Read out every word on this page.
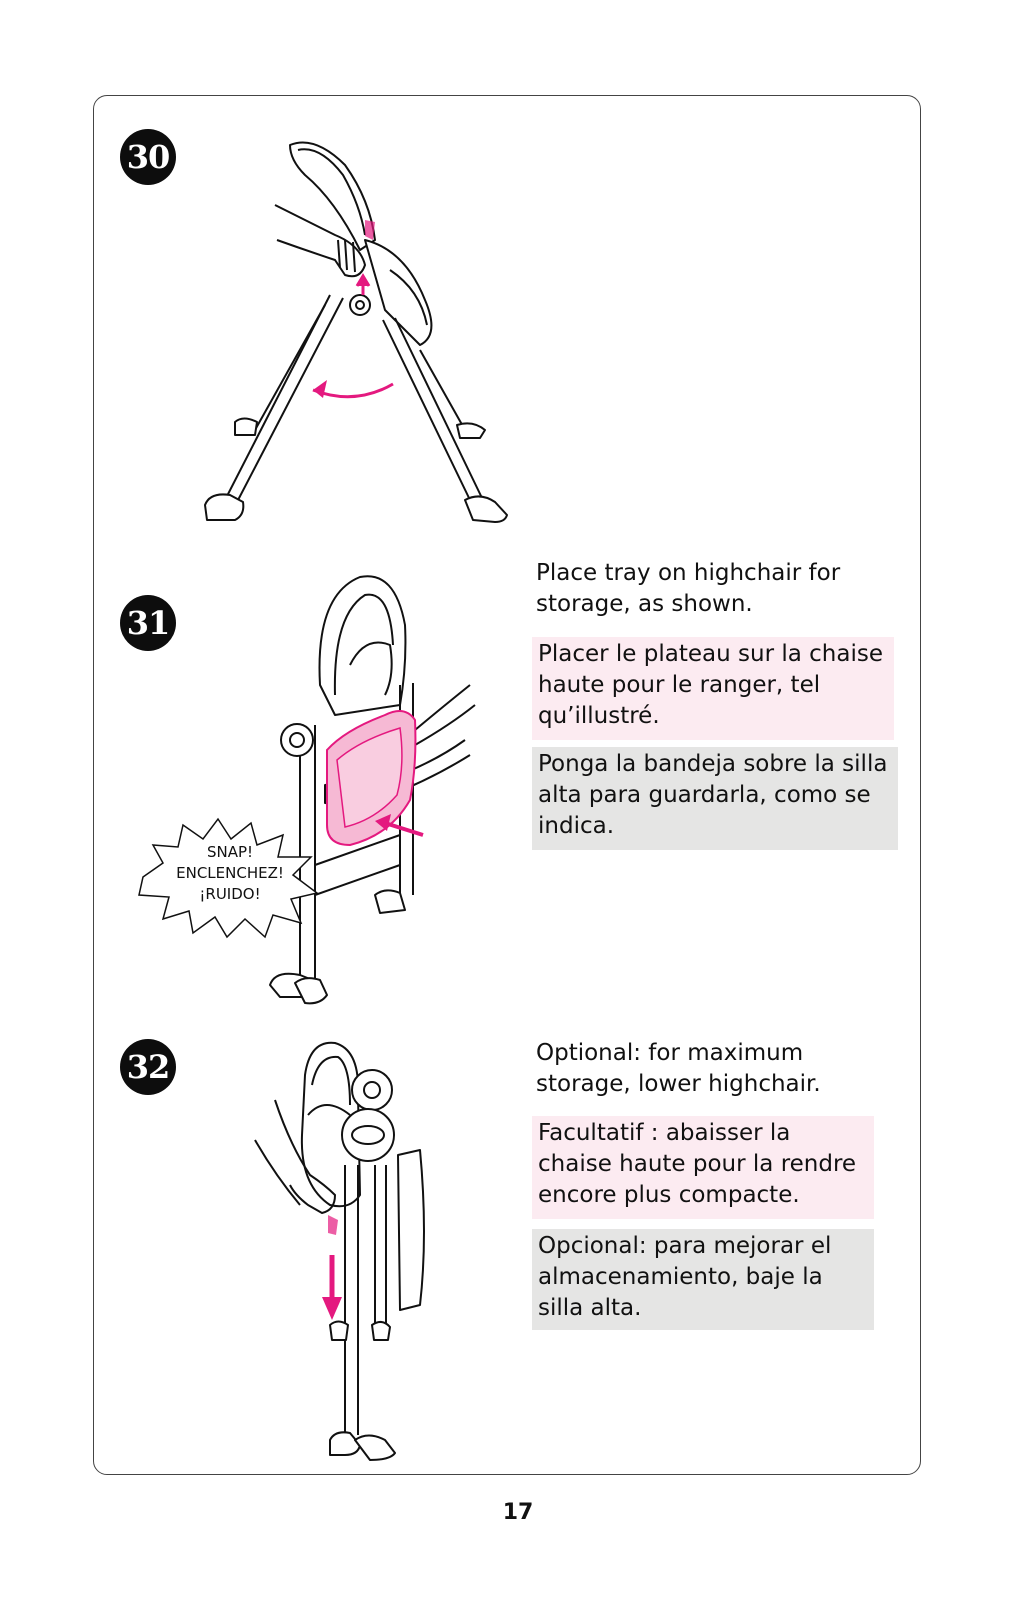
30
31
SNAP!
ENCLENCHEZ!
¡RUIDO!
Place tray on highchair for storage, as shown.
Placer le plateau sur la chaise haute pour le ranger, tel qu’illustré.
Ponga la bandeja sobre la silla alta para guardarla, como se indica.
32	Optional: for maximum storage, lower highchair.
Facultatif : abaisser la chaise haute pour la rendre encore plus compacte.
Opcional: para mejorar el almacenamiento, baje la silla alta.
17
